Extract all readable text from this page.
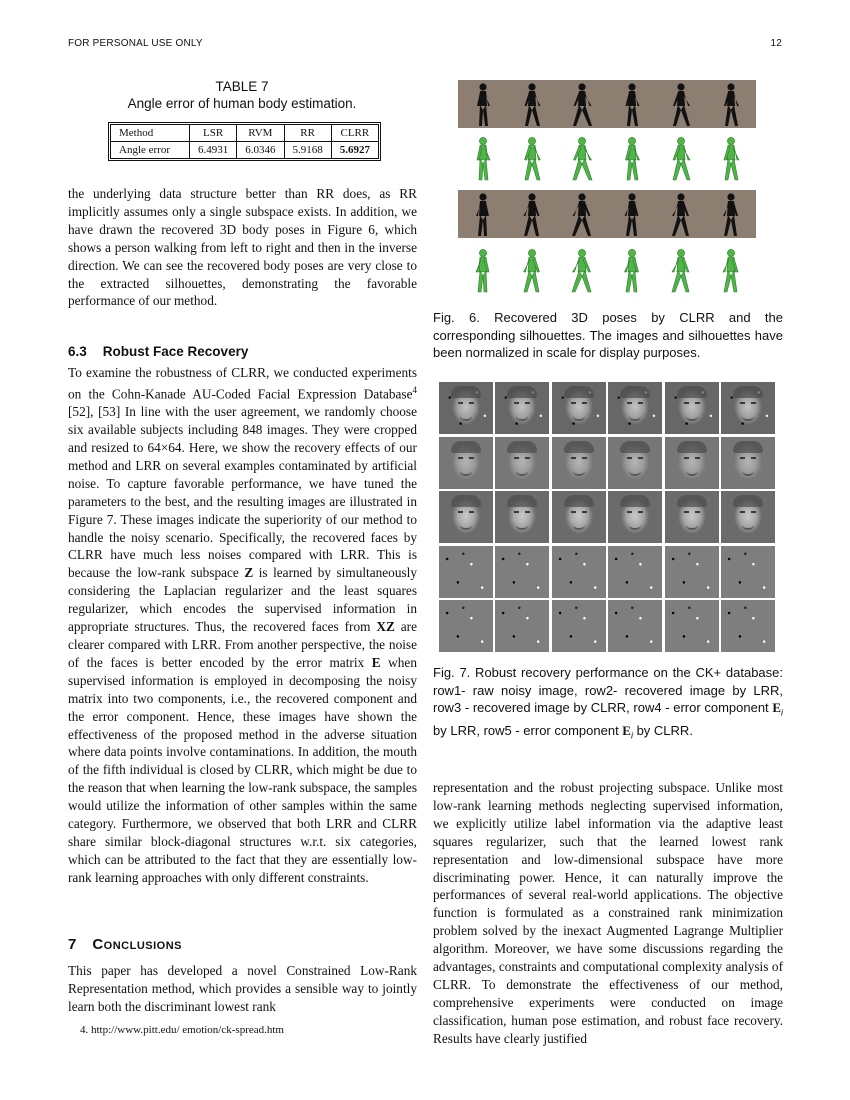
FOR PERSONAL USE ONLY	12
TABLE 7
Angle error of human body estimation.
Method	LSR	RVM	RR	CLRR
Angle error	6.4931	6.0346	5.9168	5.6927
the underlying data structure better than RR does, as RR implicitly assumes only a single subspace exists. In addition, we have drawn the recovered 3D body poses in Figure 6, which shows a person walking from left to right and then in the inverse direction. We can see the recovered body poses are very close to the extracted silhouettes, demonstrating the favorable performance of our method.
6.3 Robust Face Recovery
To examine the robustness of CLRR, we conducted experiments on the Cohn-Kanade AU-Coded Facial Expression Database$^4$ [52], [53] In line with the user agreement, we randomly choose six available subjects including 848 images. They were cropped and resized to 64×64. Here, we show the recovery effects of our method and LRR on several examples contaminated by artificial noise. To capture favorable performance, we have tuned the parameters to the best, and the resulting images are illustrated in Figure 7. These images indicate the superiority of our method to handle the noisy scenario. Specifically, the recovered faces by CLRR have much less noises compared with LRR. This is because the low-rank subspace Z is learned by simultaneously considering the Laplacian regularizer and the least squares regularizer, which encodes the supervised information in appropriate structures. Thus, the recovered faces from XZ are clearer compared with LRR. From another perspective, the noise of the faces is better encoded by the error matrix E when supervised information is employed in decomposing the noisy matrix into two components, i.e., the recovered component and the error component. Hence, these images have shown the effectiveness of the proposed method in the adverse situation where data points involve contaminations. In addition, the mouth of the fifth individual is closed by CLRR, which might be due to the reason that when learning the low-rank subspace, the samples would utilize the information of other samples within the same category. Furthermore, we observed that both LRR and CLRR share similar block-diagonal structures w.r.t. six categories, which can be attributed to the fact that they are essentially low-rank learning approaches with only different constraints.
7 Conclusions
This paper has developed a novel Constrained Low-Rank Representation method, which provides a sensible way to jointly learn both the discriminant lowest rank
4. http://www.pitt.edu/ emotion/ck-spread.htm
Fig. 6. Recovered 3D poses by CLRR and the corresponding silhouettes. The images and silhouettes have been normalized in scale for display purposes.
Fig. 7. Robust recovery performance on the CK+ database: row1- raw noisy image, row2- recovered image by LRR, row3 - recovered image by CLRR, row4 - error component $E_i$ by LRR, row5 - error component $E_i$ by CLRR.
representation and the robust projecting subspace. Unlike most low-rank learning methods neglecting supervised information, we explicitly utilize label information via the adaptive least squares regularizer, such that the learned lowest rank representation and low-dimensional subspace have more discriminating power. Hence, it can naturally improve the performances of several real-world applications. The objective function is formulated as a constrained rank minimization problem solved by the inexact Augmented Lagrange Multiplier algorithm. Moreover, we have some discussions regarding the advantages, constraints and computational complexity analysis of CLRR. To demonstrate the effectiveness of our method, comprehensive experiments were conducted on image classification, human pose estimation, and robust face recovery. Results have clearly justified
